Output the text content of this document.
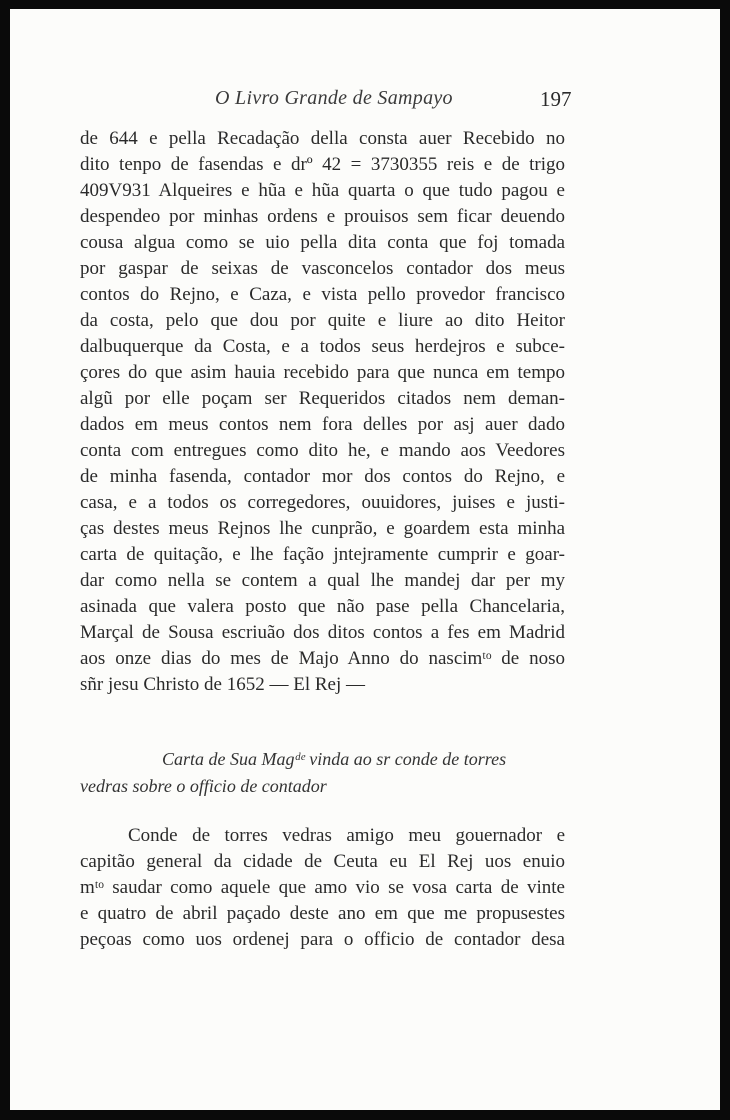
O Livro Grande de Sampayo	197
de 644 e pella Recadação della consta auer Recebido no
dito tenpo de fasendas e drº 42 = 3730355 reis e de trigo
409V931 Alqueires e hũa e hũa quarta o que tudo pagou e
despendeo por minhas ordens e prouisos sem ficar deuendo
cousa algua como se uio pella dita conta que foj tomada
por gaspar de seixas de vasconcelos contador dos meus
contos do Rejno, e Caza, e vista pello provedor francisco
da costa, pelo que dou por quite e liure ao dito Heitor
dalbuquerque da Costa, e a todos seus herdejros e subce-
çores do que asim hauia recebido para que nunca em tempo
algũ por elle poçam ser Requeridos citados nem deman-
dados em meus contos nem fora delles por asj auer dado
conta com entregues como dito he, e mando aos Veedores
de minha fasenda, contador mor dos contos do Rejno, e
casa, e a todos os corregedores, ouuidores, juises e justi-
ças destes meus Rejnos lhe cunprão, e goardem esta minha
carta de quitação, e lhe fação jntejramente cumprir e goar-
dar como nella se contem a qual lhe mandej dar per my
asinada que valera posto que não pase pella Chancelaria,
Marçal de Sousa escriuão dos ditos contos a fes em Madrid
aos onze dias do mes de Majo Anno do nascimᵗᵒ de noso
sñr jesu Christo de 1652 — El Rej —
Carta de Sua Magᵈᵉ vinda ao sr conde de torres
vedras sobre o officio de contador
Conde de torres vedras amigo meu gouernador e
capitão general da cidade de Ceuta eu El Rej uos enuio
mᵗᵒ saudar como aquele que amo vio se vosa carta de vinte
e quatro de abril paçado deste ano em que me propusestes
peçoas como uos ordenej para o officio de contador desa
